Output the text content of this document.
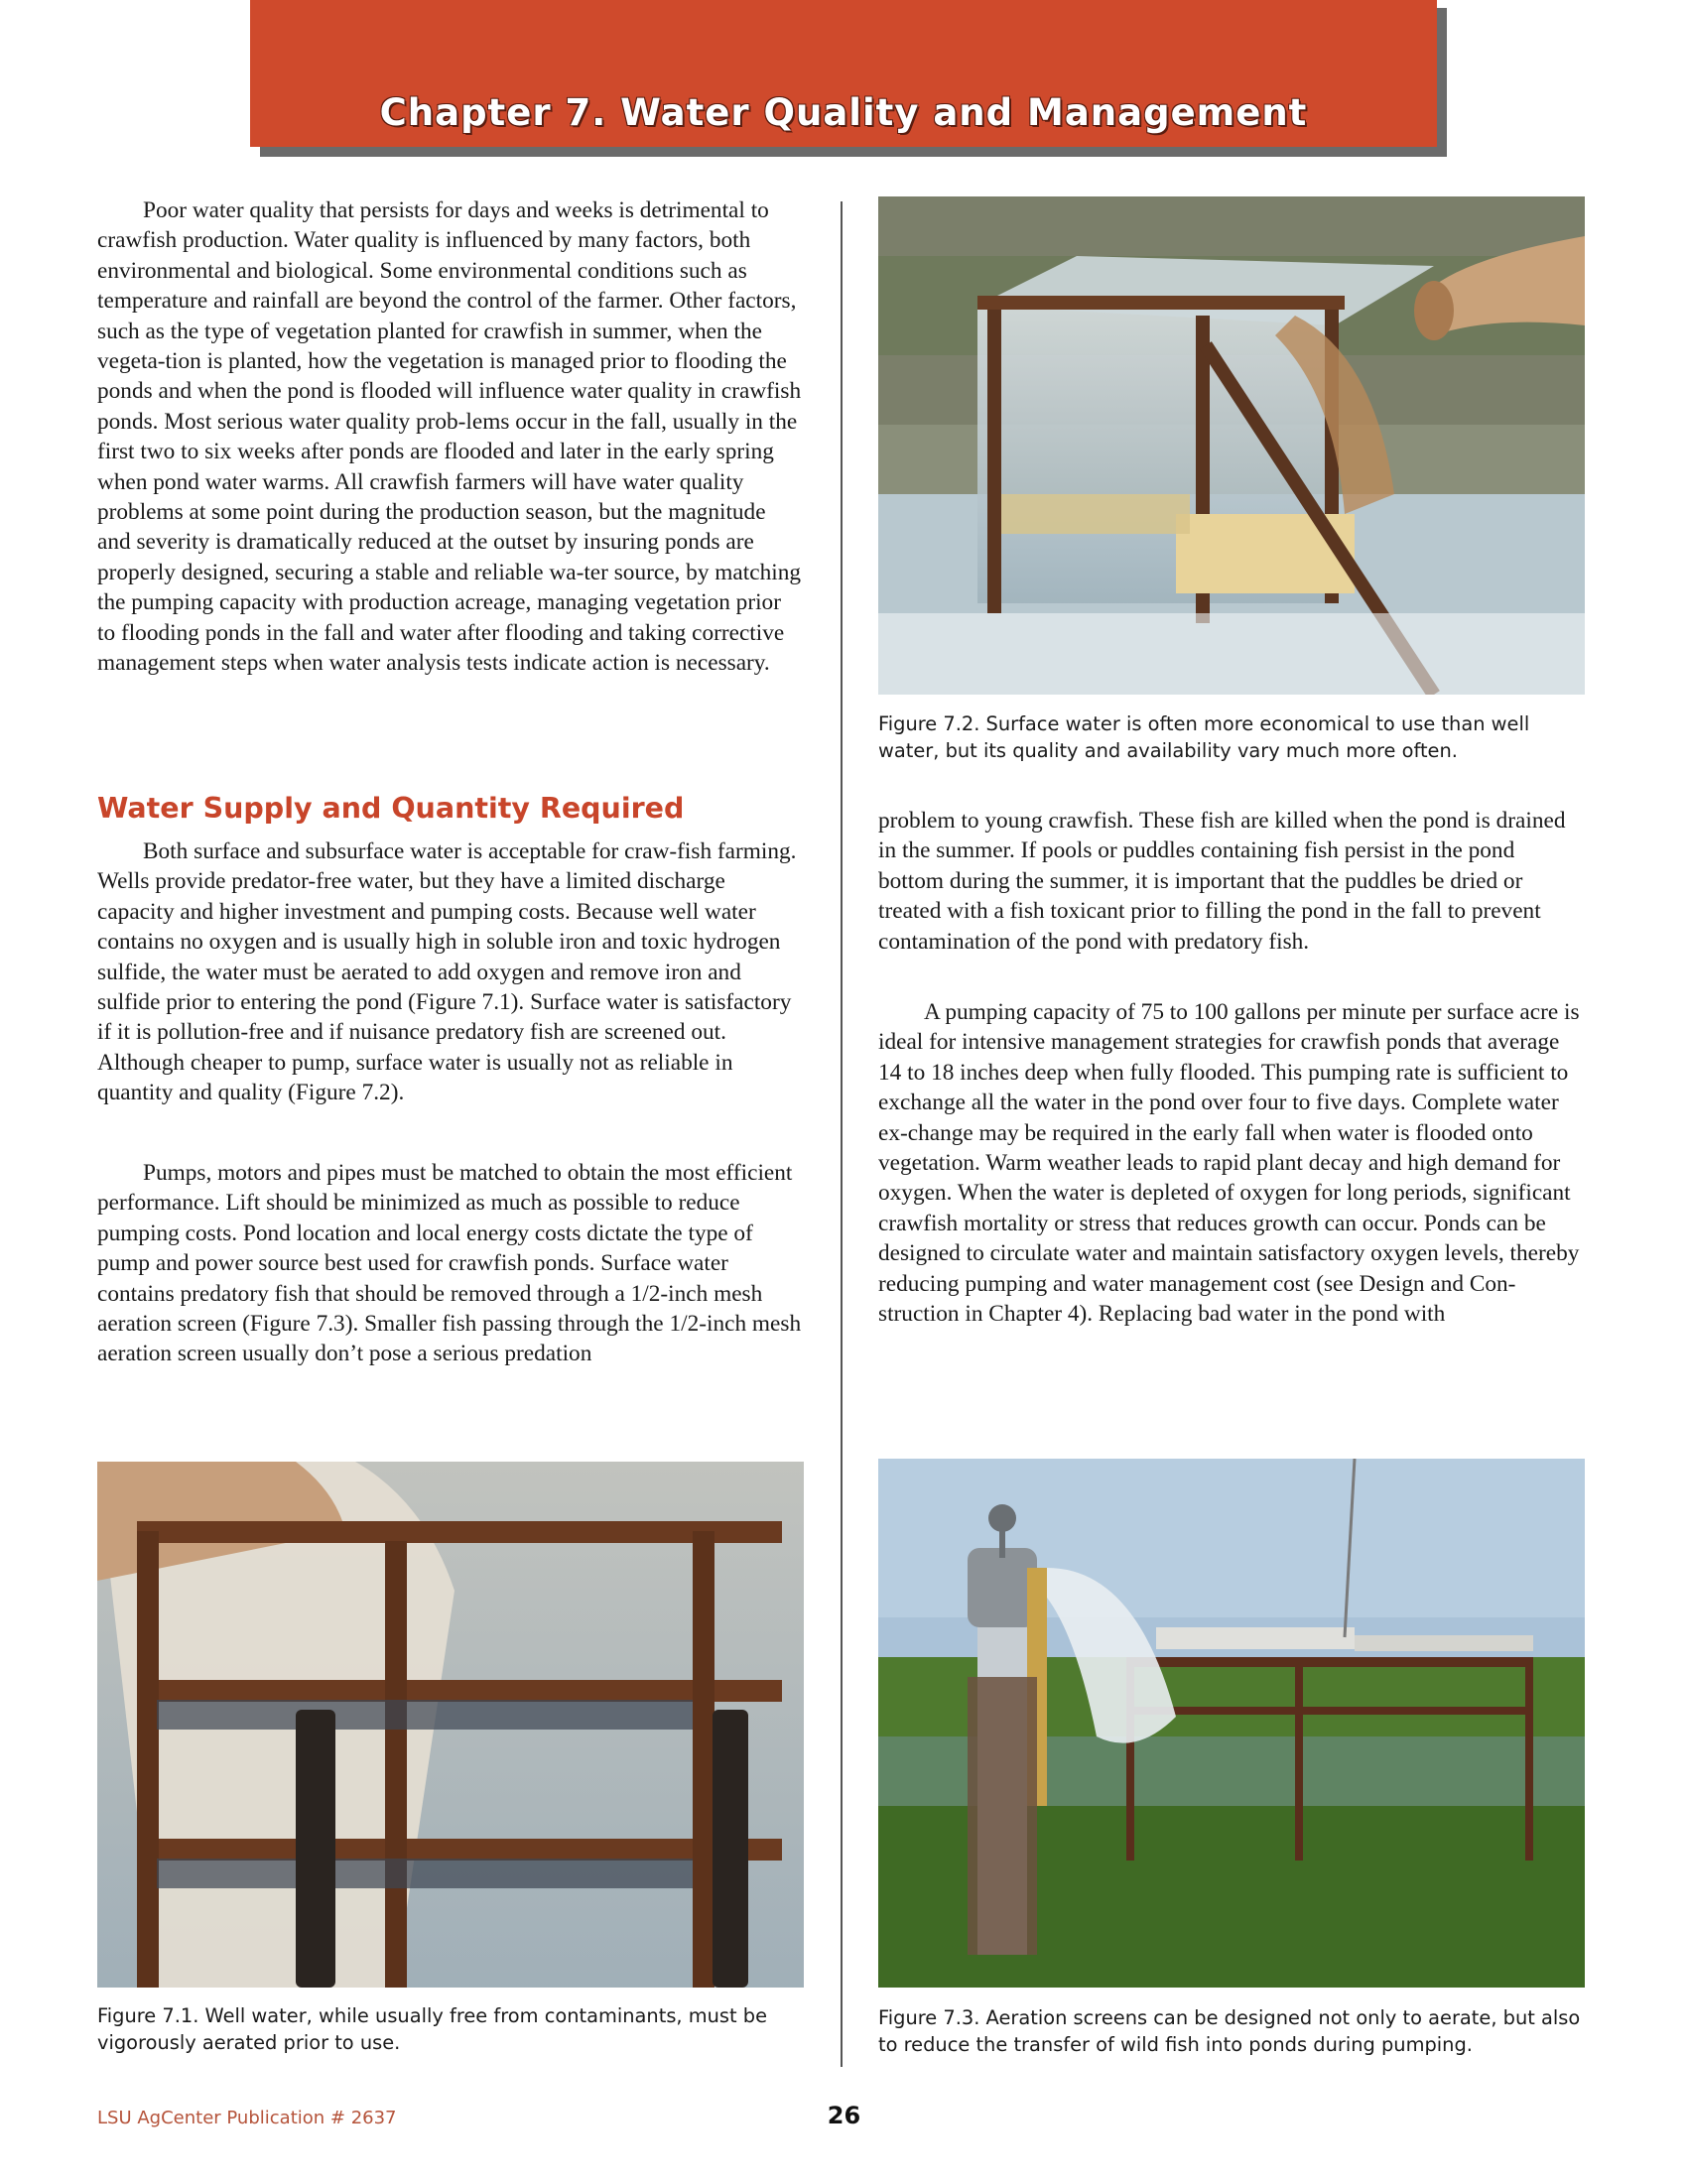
Chapter 7. Water Quality and Management

Poor water quality that persists for days and weeks is detrimental to crawfish production. Water quality is influenced by many factors, both environmental and biological. Some environmental conditions such as temperature and rainfall are beyond the control of the farmer. Other factors, such as the type of vegetation planted for crawfish in summer, when the vegeta-tion is planted, how the vegetation is managed prior to flooding the ponds and when the pond is flooded will influence water quality in crawfish ponds. Most serious water quality prob-lems occur in the fall, usually in the first two to six weeks after ponds are flooded and later in the early spring when pond water warms. All crawfish farmers will have water quality problems at some point during the production season, but the magnitude and severity is dramatically reduced at the outset by insuring ponds are properly designed, securing a stable and reliable wa-ter source, by matching the pumping capacity with production acreage, managing vegetation prior to flooding ponds in the fall and water after flooding and taking corrective management steps when water analysis tests indicate action is necessary.

Water Supply and Quantity Required

Both surface and subsurface water is acceptable for craw-fish farming. Wells provide predator-free water, but they have a limited discharge capacity and higher investment and pumping costs. Because well water contains no oxygen and is usually high in soluble iron and toxic hydrogen sulfide, the water must be aerated to add oxygen and remove iron and sulfide prior to entering the pond (Figure 7.1). Surface water is satisfactory if it is pollution-free and if nuisance predatory fish are screened out. Although cheaper to pump, surface water is usually not as reliable in quantity and quality (Figure 7.2).

Pumps, motors and pipes must be matched to obtain the most efficient performance. Lift should be minimized as much as possible to reduce pumping costs. Pond location and local energy costs dictate the type of pump and power source best used for crawfish ponds. Surface water contains predatory fish that should be removed through a 1/2-inch mesh aeration screen (Figure 7.3). Smaller fish passing through the 1/2-inch mesh aeration screen usually don’t pose a serious predation

Figure 7.2. Surface water is often more economical to use than well water, but its quality and availability vary much more often.

problem to young crawfish. These fish are killed when the pond is drained in the summer. If pools or puddles containing fish persist in the pond bottom during the summer, it is important that the puddles be dried or treated with a fish toxicant prior to filling the pond in the fall to prevent contamination of the pond with predatory fish.

A pumping capacity of 75 to 100 gallons per minute per surface acre is ideal for intensive management strategies for crawfish ponds that average 14 to 18 inches deep when fully flooded. This pumping rate is sufficient to exchange all the water in the pond over four to five days. Complete water ex-change may be required in the early fall when water is flooded onto vegetation. Warm weather leads to rapid plant decay and high demand for oxygen. When the water is depleted of oxygen for long periods, significant crawfish mortality or stress that reduces growth can occur. Ponds can be designed to circulate water and maintain satisfactory oxygen levels, thereby reducing pumping and water management cost (see Design and Con-struction in Chapter 4). Replacing bad water in the pond with

Figure 7.1. Well water, while usually free from contaminants, must be vigorously aerated prior to use.

Figure 7.3. Aeration screens can be designed not only to aerate, but also to reduce the transfer of wild fish into ponds during pumping.

LSU AgCenter Publication # 2637	26
